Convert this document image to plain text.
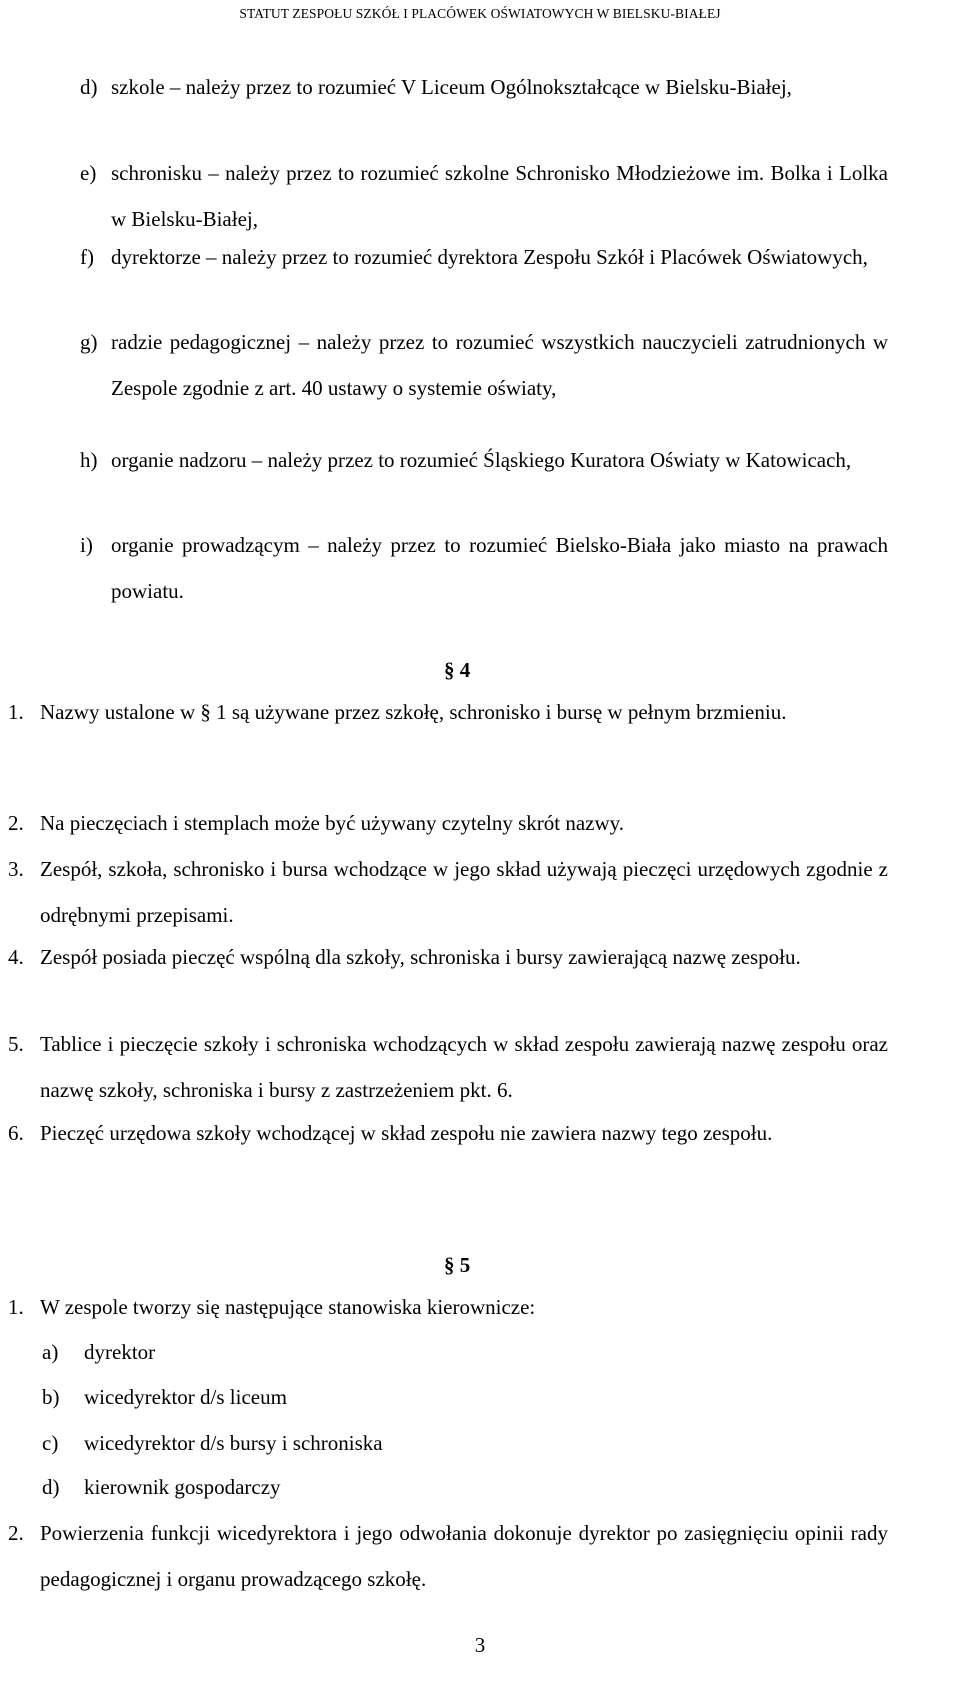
STATUT ZESPOŁU SZKÓŁ I PLACÓWEK OŚWIATOWYCH W BIELSKU-BIAŁEJ
d) szkole – należy przez to rozumieć V Liceum Ogólnokształcące w Bielsku-Białej,
e) schronisku – należy przez to rozumieć szkolne Schronisko Młodzieżowe im. Bolka i Lolka w Bielsku-Białej,
f) dyrektorze – należy przez to rozumieć dyrektora Zespołu Szkół i Placówek Oświatowych,
g) radzie pedagogicznej – należy przez to rozumieć wszystkich nauczycieli zatrudnionych w Zespole zgodnie z art. 40 ustawy o systemie oświaty,
h) organie nadzoru – należy przez to rozumieć Śląskiego Kuratora Oświaty w Katowicach,
i) organie prowadzącym – należy przez to rozumieć Bielsko-Biała jako miasto na prawach powiatu.
§ 4
1. Nazwy ustalone w § 1 są używane przez szkołę, schronisko i bursę w pełnym brzmieniu.
2. Na pieczęciach i stemplach może być używany czytelny skrót nazwy.
3. Zespół, szkoła, schronisko i bursa wchodzące w jego skład używają pieczęci urzędowych zgodnie z odrębnymi przepisami.
4. Zespół posiada pieczęć wspólną dla szkoły, schroniska i bursy zawierającą nazwę zespołu.
5. Tablice i pieczęcie szkoły i schroniska wchodzących w skład zespołu zawierają nazwę zespołu oraz nazwę szkoły, schroniska i bursy z zastrzeżeniem pkt. 6.
6. Pieczęć urzędowa szkoły wchodzącej w skład zespołu nie zawiera nazwy tego zespołu.
§ 5
1. W zespole tworzy się następujące stanowiska kierownicze:
a) dyrektor
b) wicedyrektor d/s liceum
c) wicedyrektor d/s bursy i schroniska
d) kierownik gospodarczy
2. Powierzenia funkcji wicedyrektora i jego odwołania dokonuje dyrektor po zasięgnięciu opinii rady pedagogicznej i organu prowadzącego szkołę.
3
